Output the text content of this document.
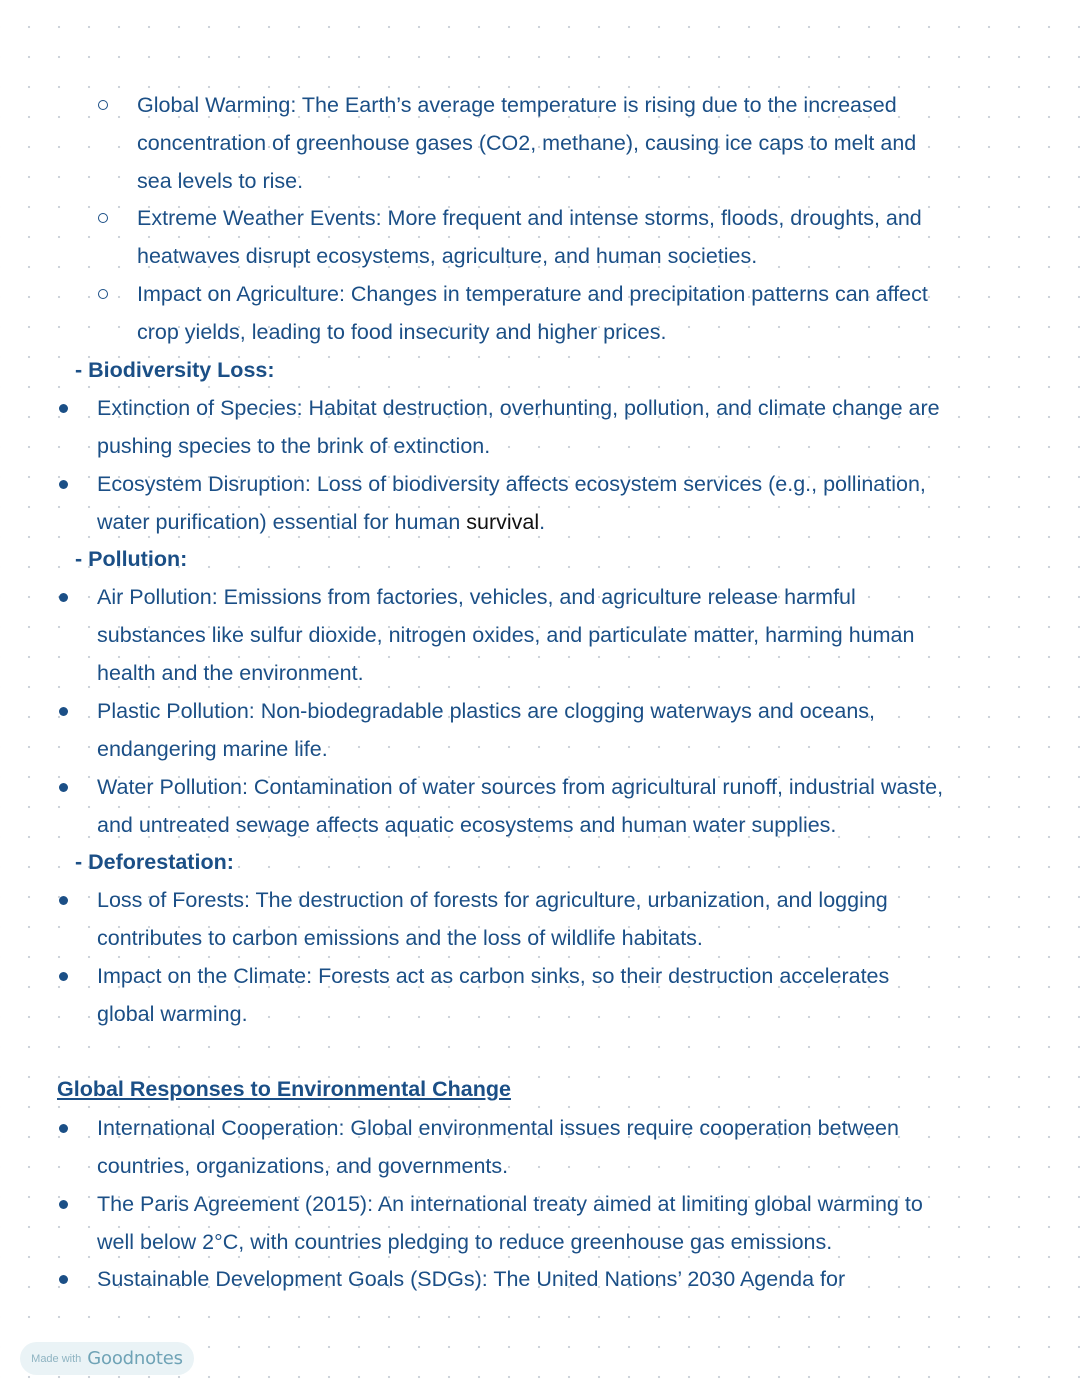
Global Warming: The Earth’s average temperature is rising due to the increased
concentration of greenhouse gases (CO2, methane), causing ice caps to melt and
sea levels to rise.
Extreme Weather Events: More frequent and intense storms, floods, droughts, and
heatwaves disrupt ecosystems, agriculture, and human societies.
Impact on Agriculture: Changes in temperature and precipitation patterns can affect
crop yields, leading to food insecurity and higher prices.
- Biodiversity Loss:
Extinction of Species: Habitat destruction, overhunting, pollution, and climate change are
pushing species to the brink of extinction.
Ecosystem Disruption: Loss of biodiversity affects ecosystem services (e.g., pollination,
water purification) essential for human survival.
- Pollution:
Air Pollution: Emissions from factories, vehicles, and agriculture release harmful
substances like sulfur dioxide, nitrogen oxides, and particulate matter, harming human
health and the environment.
Plastic Pollution: Non-biodegradable plastics are clogging waterways and oceans,
endangering marine life.
Water Pollution: Contamination of water sources from agricultural runoff, industrial waste,
and untreated sewage affects aquatic ecosystems and human water supplies.
- Deforestation:
Loss of Forests: The destruction of forests for agriculture, urbanization, and logging
contributes to carbon emissions and the loss of wildlife habitats.
Impact on the Climate: Forests act as carbon sinks, so their destruction accelerates
global warming.
Global Responses to Environmental Change
International Cooperation: Global environmental issues require cooperation between
countries, organizations, and governments.
The Paris Agreement (2015): An international treaty aimed at limiting global warming to
well below 2°C, with countries pledging to reduce greenhouse gas emissions.
Sustainable Development Goals (SDGs): The United Nations’ 2030 Agenda for
Made with Goodnotes
